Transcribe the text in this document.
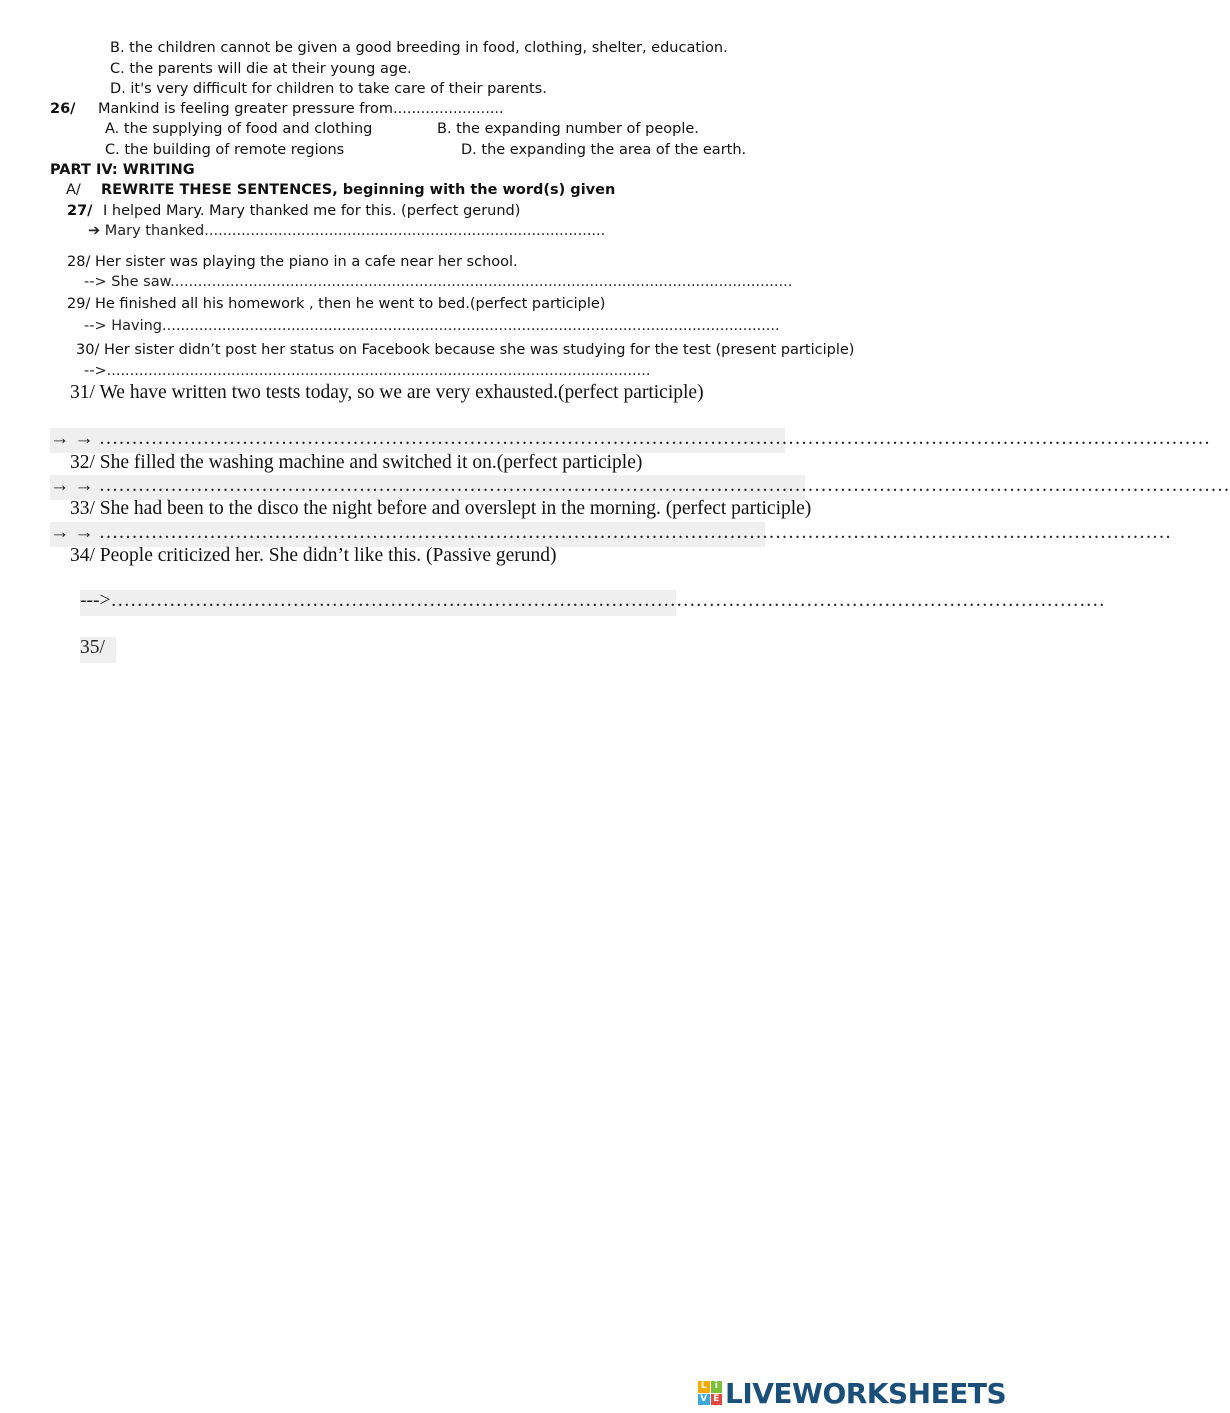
B. the children cannot be given a good breeding in food, clothing, shelter, education.
C. the parents will die at their young age.
D. it's very difficult for children to take care of their parents.
26/ Mankind is feeling greater pressure from........................
A. the supplying of food and clothing	B. the expanding number of people.
C. the building of remote regions	D. the expanding the area of the earth.
PART IV: WRITING
A/ REWRITE THESE SENTENCES, beginning with the word(s) given
27/ I helped Mary. Mary thanked me for this. (perfect gerund)
➔ Mary thanked.......................................................................................
28/ Her sister was playing the piano in a cafe near her school.
--> She saw.......................................................................................................................................
29/ He finished all his homework , then he went to bed.(perfect participle)
--> Having......................................................................................................................................
30/ Her sister didn’t post her status on Facebook because she was studying for the test (present participle)
-->......................................................................................................................
31/ We have written two tests today, so we are very exhausted.(perfect participle)
→ → ………………………………………………………………………………………………………………………………………………………
32/ She filled the washing machine and switched it on.(perfect participle)
→ → …………………………………………………………………………………………………………………………………………………………
33/ She had been to the disco the night before and overslept in the morning. (perfect participle)
→ → …………………………………………………………………………………………………………………………………………………
34/ People criticized her. She didn’t like this. (Passive gerund)
--->………………………………………………………………………………………………………………………………………
35/
L i
V E LIVEWORKSHEETS
